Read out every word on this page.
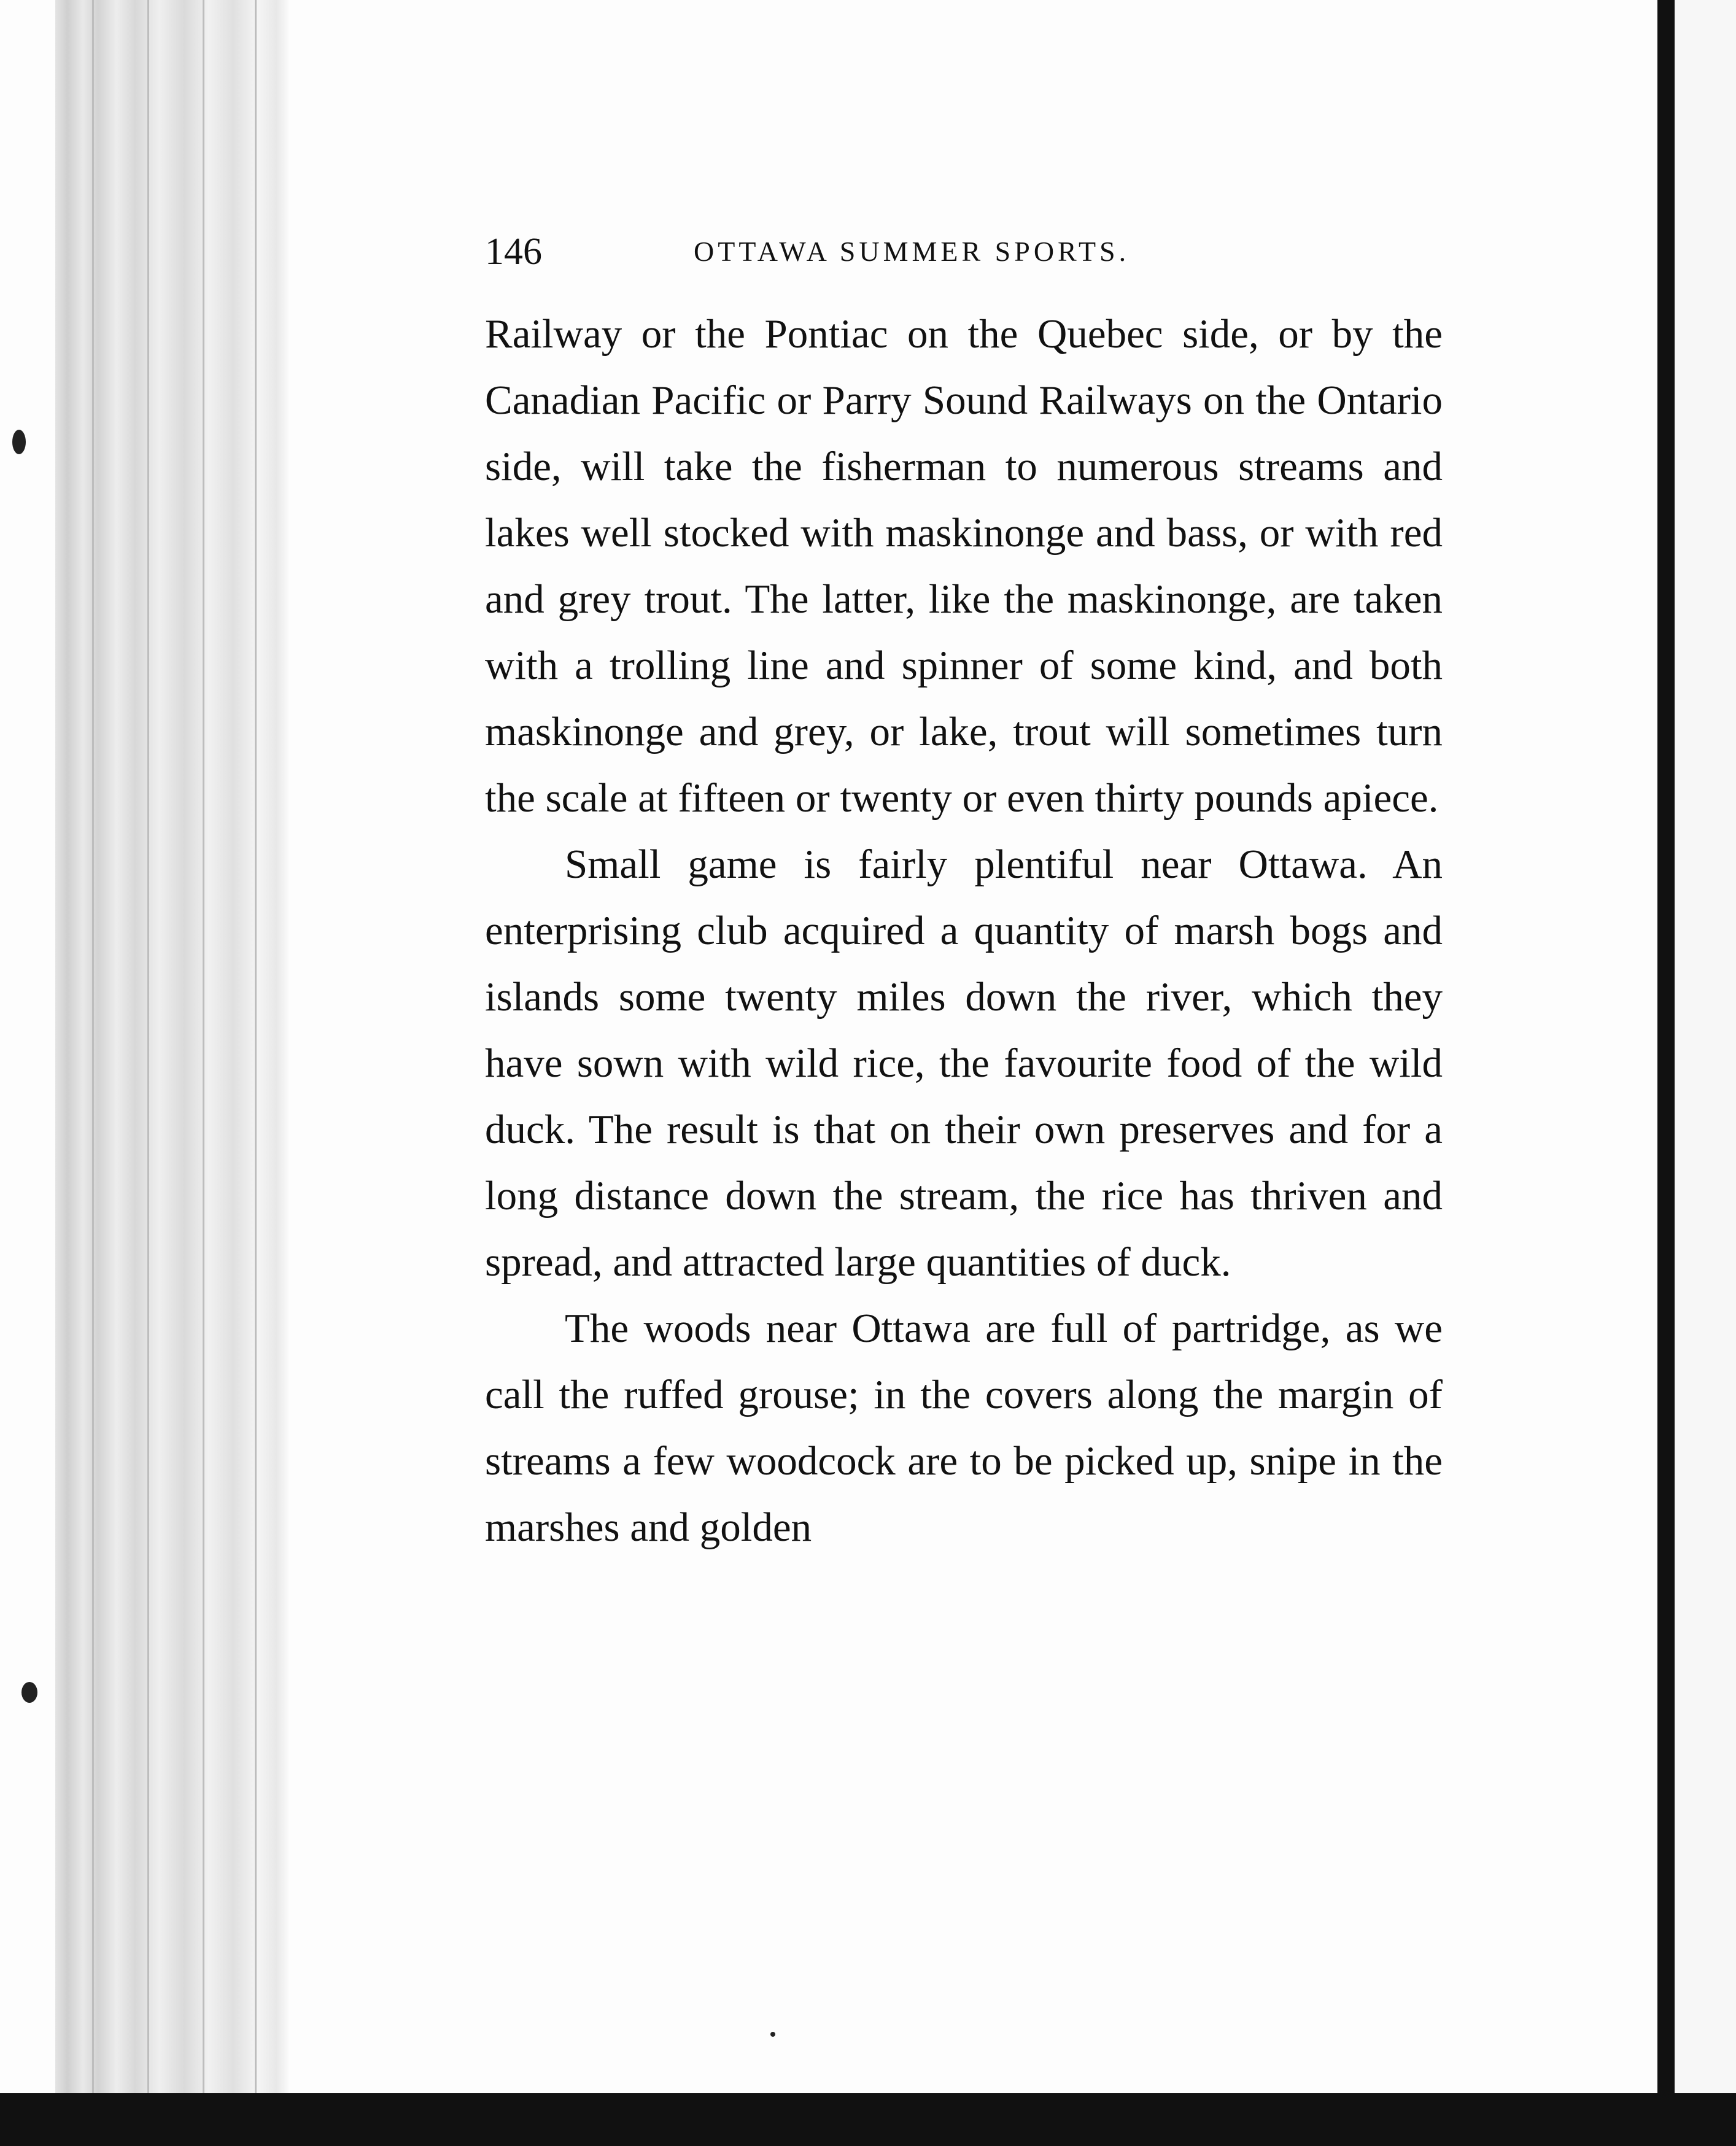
146	OTTAWA SUMMER SPORTS.

Railway or the Pontiac on the Quebec side, or by the Canadian Pacific or Parry Sound Railways on the Ontario side, will take the fisherman to numerous streams and lakes well stocked with maskinonge and bass, or with red and grey trout. The latter, like the maskinonge, are taken with a trolling line and spinner of some kind, and both maskinonge and grey, or lake, trout will sometimes turn the scale at fifteen or twenty or even thirty pounds apiece.

Small game is fairly plentiful near Ottawa. An enterprising club acquired a quantity of marsh bogs and islands some twenty miles down the river, which they have sown with wild rice, the favourite food of the wild duck. The result is that on their own preserves and for a long distance down the stream, the rice has thriven and spread, and attracted large quantities of duck.

The woods near Ottawa are full of partridge, as we call the ruffed grouse; in the covers along the margin of streams a few woodcock are to be picked up, snipe in the marshes and golden
